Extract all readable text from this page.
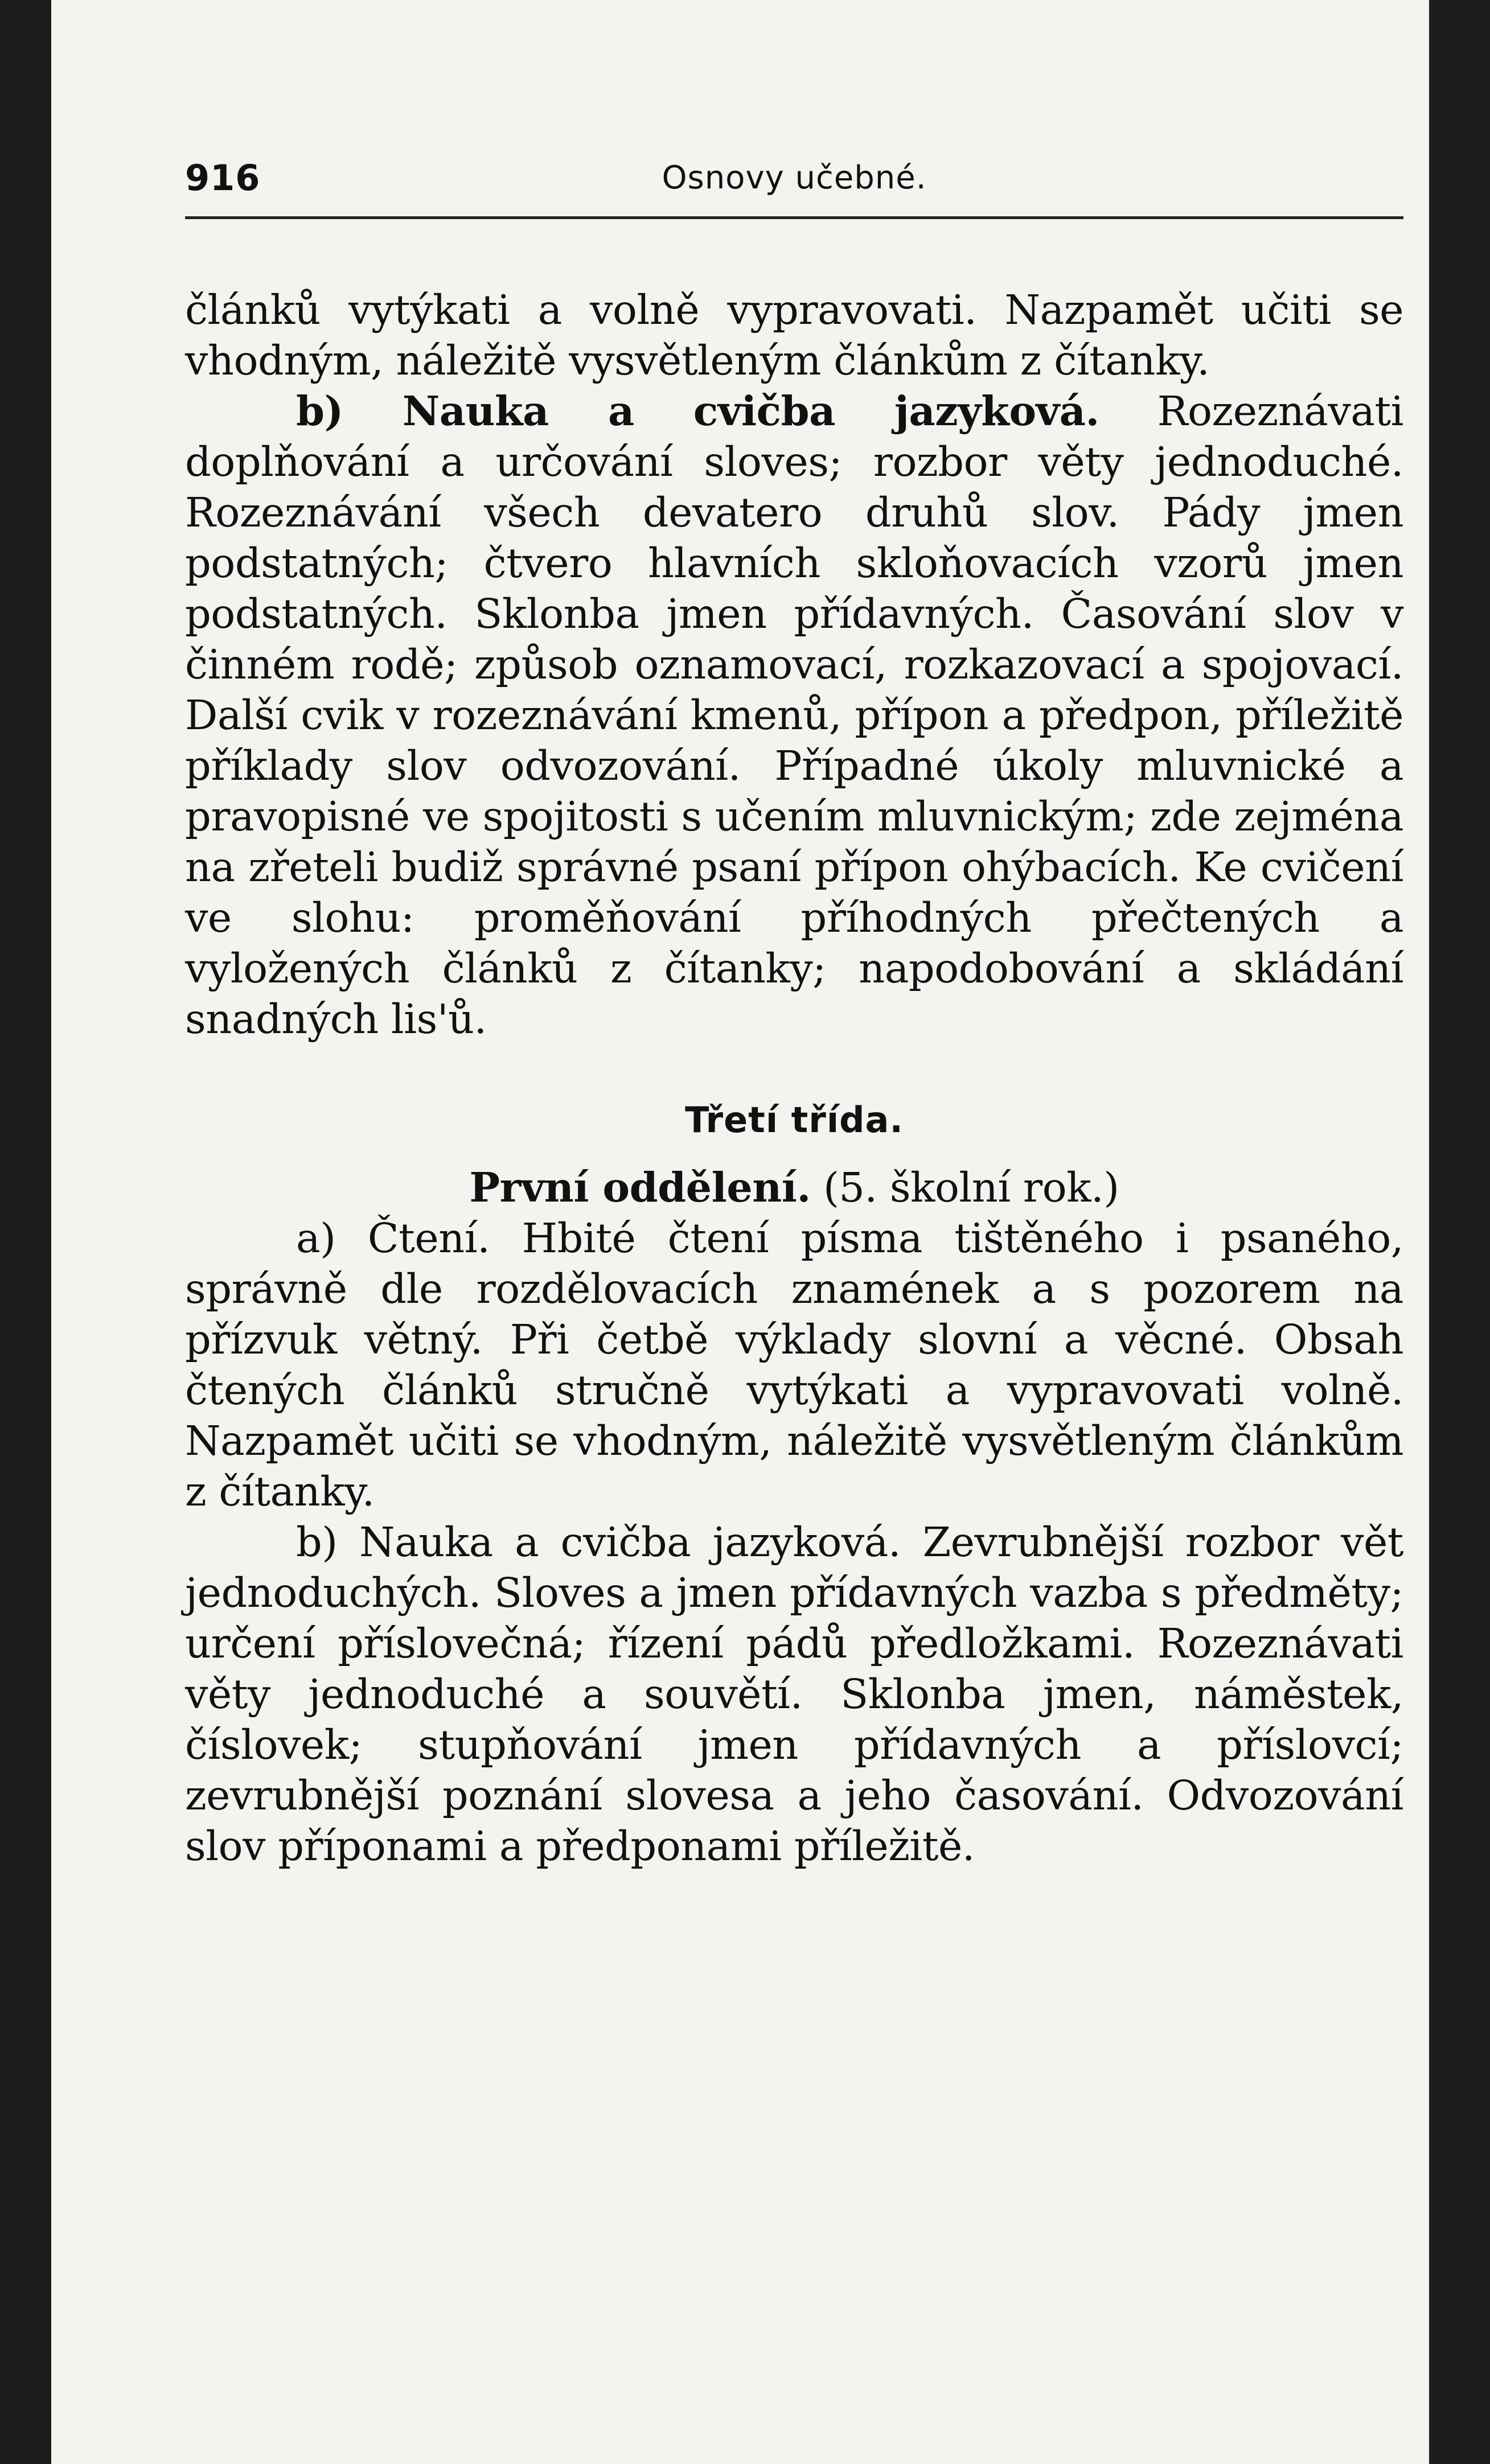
916	Osnovy učebné.

článků vytýkati a volně vypravovati. Nazpamět učiti se vhodným, náležitě vysvětleným článkům z čítanky.

b) Nauka a cvičba jazyková. Rozeznávati doplňování a určování sloves; rozbor věty jednoduché. Rozeznávání všech devatero druhů slov. Pády jmen podstatných; čtvero hlavních skloňovacích vzorů jmen podstatných. Sklonba jmen přídavných. Časování slov v činném rodě; způsob oznamovací, rozkazovací a spojovací. Další cvik v rozeznávání kmenů, přípon a předpon, příležitě příklady slov odvozování. Případné úkoly mluvnické a pravopisné ve spojitosti s učením mluvnickým; zde zejména na zřeteli budiž správné psaní přípon ohýbacích. Ke cvičení ve slohu: proměňování příhodných přečtených a vyložených článků z čítanky; napodobování a skládání snadných lis'ů.

Třetí třída.
První oddělení. (5. školní rok.)

a) Čtení. Hbité čtení písma tištěného i psaného, správně dle rozdělovacích znamének a s pozorem na přízvuk větný. Při četbě výklady slovní a věcné. Obsah čtených článků stručně vytýkati a vypravovati volně. Nazpamět učiti se vhodným, náležitě vysvětleným článkům z čítanky.

b) Nauka a cvičba jazyková. Zevrubnější rozbor vět jednoduchých. Sloves a jmen přídavných vazba s předměty; určení příslovečná; řízení pádů předložkami. Rozeznávati věty jednoduché a souvětí. Sklonba jmen, náměstek, číslovek; stupňování jmen přídavných a příslovcí; zevrubnější poznání slovesa a jeho časování. Odvozování slov příponami a předponami příležitě.
